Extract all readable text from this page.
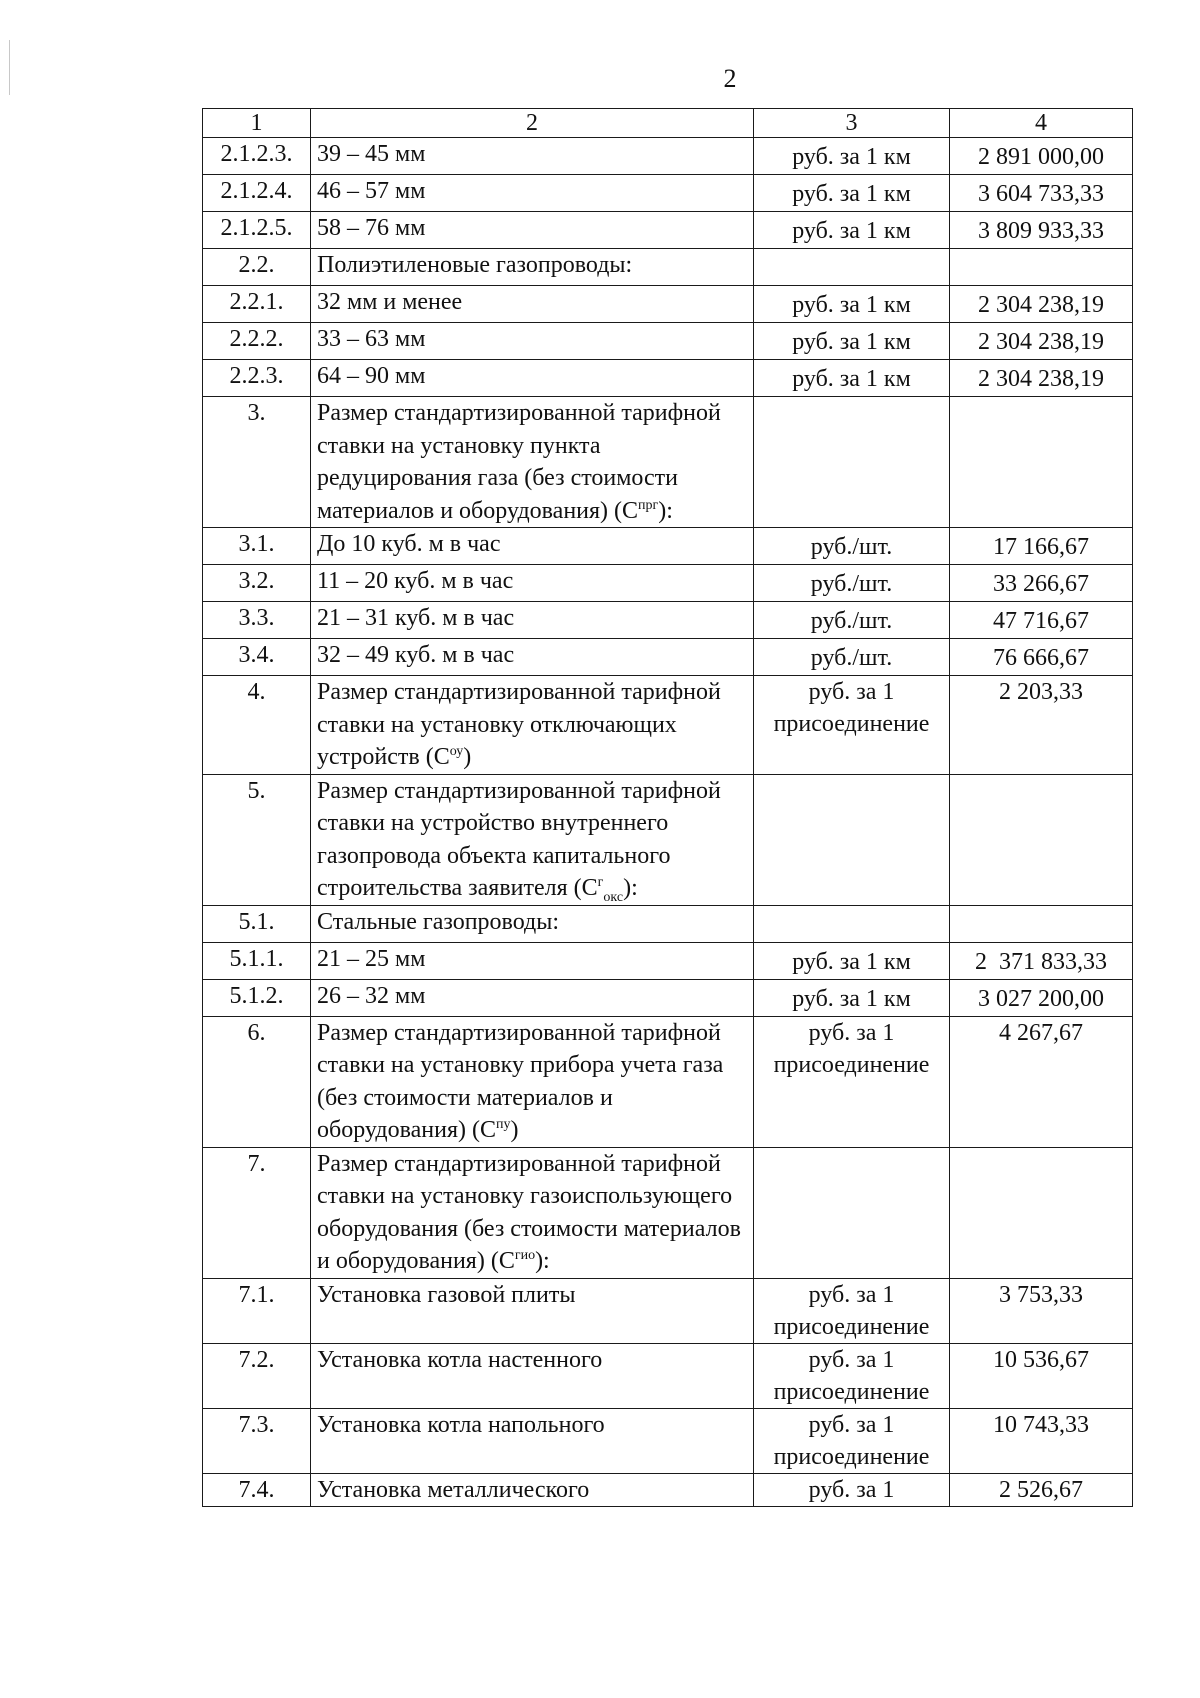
2
1	2	3	4
2.1.2.3.	39 – 45 мм	руб. за 1 км	2 891 000,00
2.1.2.4.	46 – 57 мм	руб. за 1 км	3 604 733,33
2.1.2.5.	58 – 76 мм	руб. за 1 км	3 809 933,33
2.2.	Полиэтиленовые газопроводы:		
2.2.1.	32 мм и менее	руб. за 1 км	2 304 238,19
2.2.2.	33 – 63 мм	руб. за 1 км	2 304 238,19
2.2.3.	64 – 90 мм	руб. за 1 км	2 304 238,19
3.	Размер стандартизированной тарифной ставки на установку пункта редуцирования газа (без стоимости материалов и оборудования) $(С^{прг})$:		
3.1.	До 10 куб. м в час	руб./шт.	17 166,67
3.2.	11 – 20 куб. м в час	руб./шт.	33 266,67
3.3.	21 – 31 куб. м в час	руб./шт.	47 716,67
3.4.	32 – 49 куб. м в час	руб./шт.	76 666,67
4.	Размер стандартизированной тарифной ставки на установку отключающих устройств $(С^{оу})$	руб. за 1 присоединение	2 203,33
5.	Размер стандартизированной тарифной ставки на устройство внутреннего газопровода объекта капитального строительства заявителя $(С^г_{окс})$:		
5.1.	Стальные газопроводы:		
5.1.1.	21 – 25 мм	руб. за 1 км	2  371 833,33
5.1.2.	26 – 32 мм	руб. за 1 км	3 027 200,00
6.	Размер стандартизированной тарифной ставки на установку прибора учета газа (без стоимости материалов и оборудования) $(С^{пу})$	руб. за 1 присоединение	4 267,67
7.	Размер стандартизированной тарифной ставки на установку газоиспользующего оборудования (без стоимости материалов и оборудования) $(С^{гио})$:		
7.1.	Установка газовой плиты	руб. за 1 присоединение	3 753,33
7.2.	Установка котла настенного	руб. за 1 присоединение	10 536,67
7.3.	Установка котла напольного	руб. за 1 присоединение	10 743,33
7.4.	Установка металлического	руб. за 1	2 526,67
